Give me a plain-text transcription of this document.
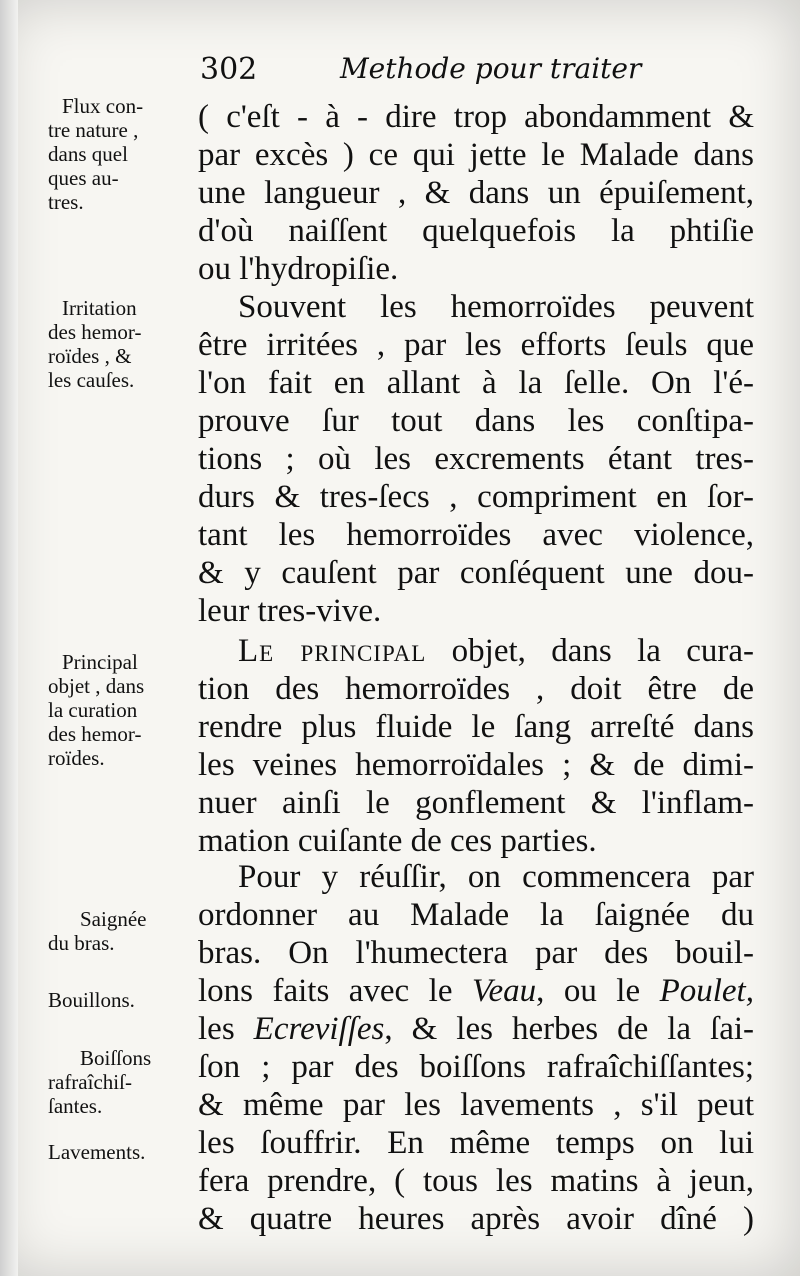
302	Methode pour traiter
Flux con-
tre nature ,
dans quel
ques au-
tres.
Irritation
des hemor-
roïdes , &
les cauſes.
Principal
objet , dans
la curation
des hemor-
roïdes.
Saignée
du bras.
Bouillons.
Boiſſons
rafraîchiſ-
ſantes.
Lavements.
( c'eſt - à - dire trop abondamment &
par excès ) ce qui jette le Malade dans
une langueur , & dans un épuiſement,
d'où naiſſent quelquefois la phtiſie
ou l'hydropiſie.
Souvent les hemorroïdes peuvent
être irritées , par les efforts ſeuls que
l'on fait en allant à la ſelle. On l'é-
prouve ſur tout dans les conſtipa-
tions ; où les excrements étant tres-
durs & tres-ſecs , compriment en ſor-
tant les hemorroïdes avec violence,
& y cauſent par conſéquent une dou-
leur tres-vive.
Le principal objet, dans la cura-
tion des hemorroïdes , doit être de
rendre plus fluide le ſang arreſté dans
les veines hemorroïdales ; & de dimi-
nuer ainſi le gonflement & l'inflam-
mation cuiſante de ces parties.
Pour y réuſſir, on commencera par
ordonner au Malade la ſaignée du
bras. On l'humectera par des bouil-
lons faits avec le Veau, ou le Poulet,
les Ecreviſſes, & les herbes de la ſai-
ſon ; par des boiſſons rafraîchiſſantes;
& même par les lavements , s'il peut
les ſouffrir. En même temps on lui
fera prendre, ( tous les matins à jeun,
& quatre heures après avoir dîné )
